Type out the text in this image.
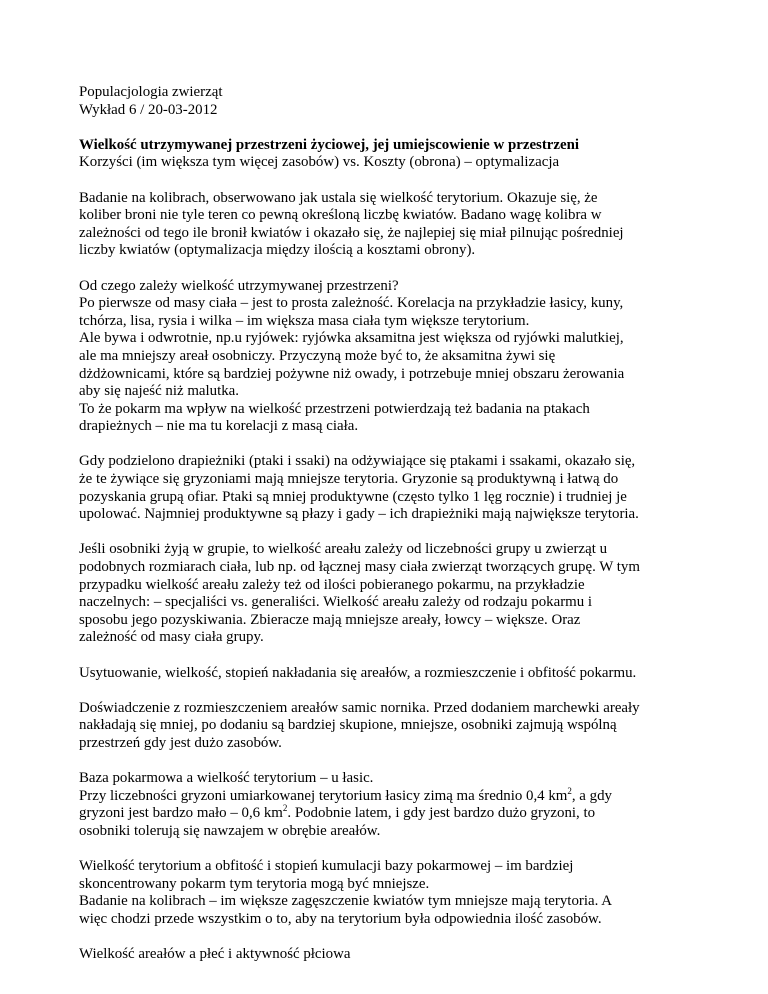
Populacjologia zwierząt
Wykład 6 / 20-03-2012
Wielkość utrzymywanej przestrzeni życiowej, jej umiejscowienie w przestrzeni
Korzyści (im większa tym więcej zasobów) vs. Koszty (obrona) – optymalizacja
Badanie na kolibrach, obserwowano jak ustala się wielkość terytorium. Okazuje się, że
koliber broni nie tyle teren co pewną określoną liczbę kwiatów. Badano wagę kolibra w
zależności od tego ile bronił kwiatów i okazało się, że najlepiej się miał pilnując pośredniej
liczby kwiatów (optymalizacja między ilością a kosztami obrony).
Od czego zależy wielkość utrzymywanej przestrzeni?
Po pierwsze od masy ciała – jest to prosta zależność. Korelacja na przykładzie łasicy, kuny,
tchórza, lisa, rysia i wilka – im większa masa ciała tym większe terytorium.
Ale bywa i odwrotnie, np.u ryjówek: ryjówka aksamitna jest większa od ryjówki malutkiej,
ale ma mniejszy areał osobniczy. Przyczyną może być to, że aksamitna żywi się
dżdżownicami, które są bardziej pożywne niż owady, i potrzebuje mniej obszaru żerowania
aby się najeść niż malutka.
To że pokarm ma wpływ na wielkość przestrzeni potwierdzają też badania na ptakach
drapieżnych – nie ma tu korelacji z masą ciała.
Gdy podzielono drapieżniki (ptaki i ssaki) na odżywiające się ptakami i ssakami, okazało się,
że te żywiące się gryzoniami mają mniejsze terytoria. Gryzonie są produktywną i łatwą do
pozyskania grupą ofiar. Ptaki są mniej produktywne (często tylko 1 lęg rocznie) i trudniej je
upolować. Najmniej produktywne są płazy i gady – ich drapieżniki mają największe terytoria.
Jeśli osobniki żyją w grupie, to wielkość areału zależy od liczebności grupy u zwierząt u
podobnych rozmiarach ciała, lub np. od łącznej masy ciała zwierząt tworzących grupę. W tym
przypadku wielkość areału zależy też od ilości pobieranego pokarmu, na przykładzie
naczelnych: – specjaliści vs. generaliści. Wielkość areału zależy od rodzaju pokarmu i
sposobu jego pozyskiwania. Zbieracze mają mniejsze areały, łowcy – większe. Oraz
zależność od masy ciała grupy.
Usytuowanie, wielkość, stopień nakładania się areałów, a rozmieszczenie i obfitość pokarmu.
Doświadczenie z rozmieszczeniem areałów samic nornika. Przed dodaniem marchewki areały
nakładają się mniej, po dodaniu są bardziej skupione, mniejsze, osobniki zajmują wspólną
przestrzeń gdy jest dużo zasobów.
Baza pokarmowa a wielkość terytorium – u łasic.
Przy liczebności gryzoni umiarkowanej terytorium łasicy zimą ma średnio 0,4 $km^2$, a gdy
gryzoni jest bardzo mało – 0,6 $km^2$. Podobnie latem, i gdy jest bardzo dużo gryzoni, to
osobniki tolerują się nawzajem w obrębie areałów.
Wielkość terytorium a obfitość i stopień kumulacji bazy pokarmowej – im bardziej
skoncentrowany pokarm tym terytoria mogą być mniejsze.
Badanie na kolibrach – im większe zagęszczenie kwiatów tym mniejsze mają terytoria. A
więc chodzi przede wszystkim o to, aby na terytorium była odpowiednia ilość zasobów.
Wielkość areałów a płeć i aktywność płciowa
